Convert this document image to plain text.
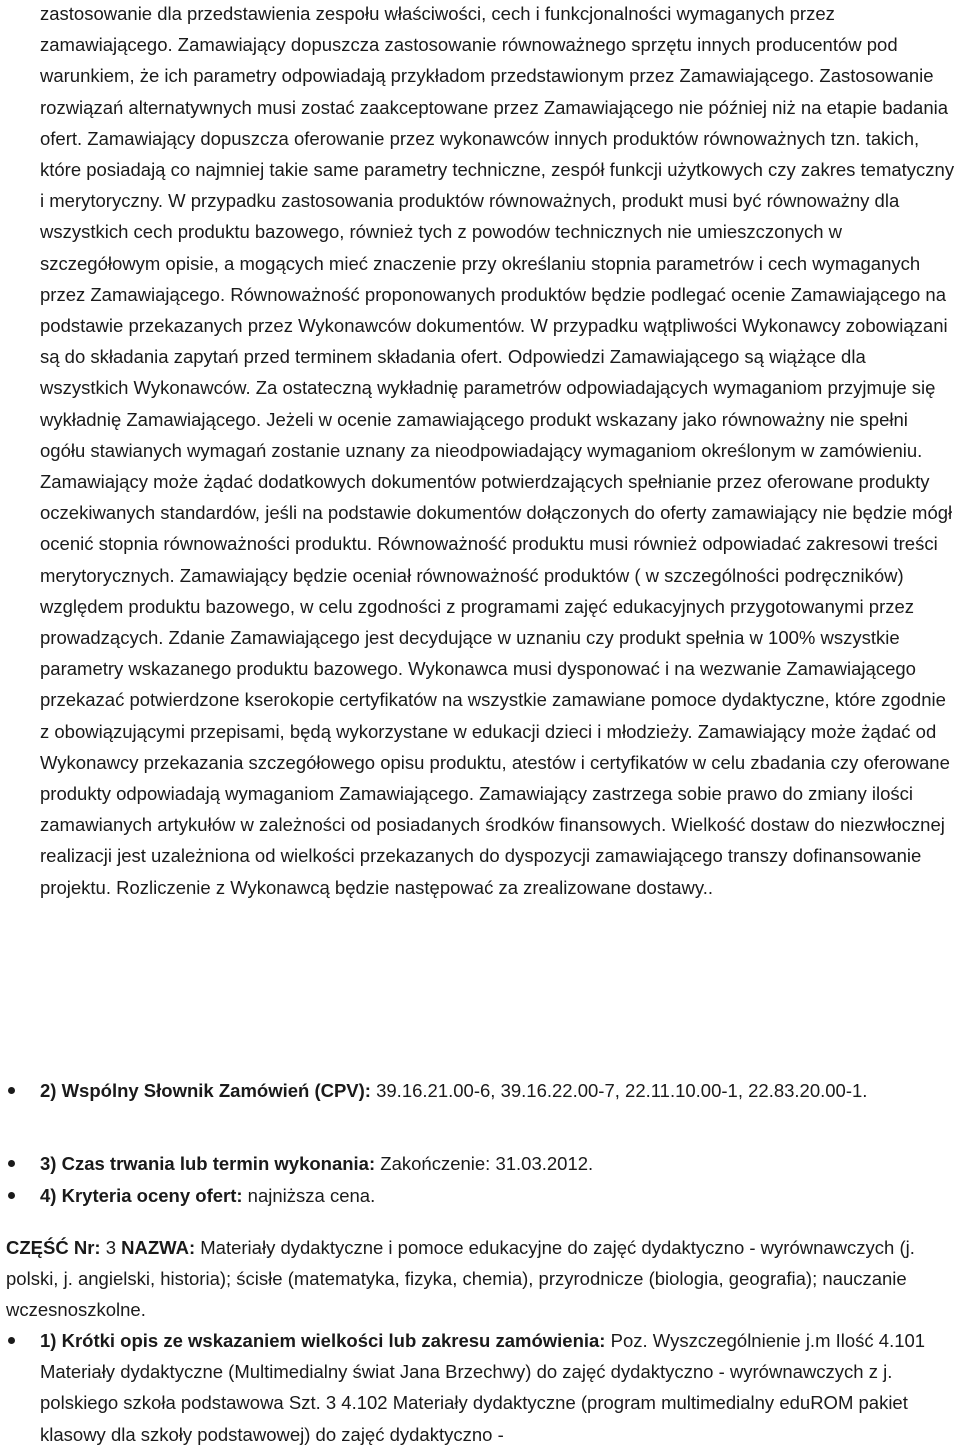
zastosowanie dla przedstawienia zespołu właściwości, cech i funkcjonalności wymaganych przez zamawiającego. Zamawiający dopuszcza zastosowanie równoważnego sprzętu innych producentów pod warunkiem, że ich parametry odpowiadają przykładom przedstawionym przez Zamawiającego. Zastosowanie rozwiązań alternatywnych musi zostać zaakceptowane przez Zamawiającego nie później niż na etapie badania ofert. Zamawiający dopuszcza oferowanie przez wykonawców innych produktów równoważnych tzn. takich, które posiadają co najmniej takie same parametry techniczne, zespół funkcji użytkowych czy zakres tematyczny i merytoryczny. W przypadku zastosowania produktów równoważnych, produkt musi być równoważny dla wszystkich cech produktu bazowego, również tych z powodów technicznych nie umieszczonych w szczegółowym opisie, a mogących mieć znaczenie przy określaniu stopnia parametrów i cech wymaganych przez Zamawiającego. Równoważność proponowanych produktów będzie podlegać ocenie Zamawiającego na podstawie przekazanych przez Wykonawców dokumentów. W przypadku wątpliwości Wykonawcy zobowiązani są do składania zapytań przed terminem składania ofert. Odpowiedzi Zamawiającego są wiążące dla wszystkich Wykonawców. Za ostateczną wykładnię parametrów odpowiadających wymaganiom przyjmuje się wykładnię Zamawiającego. Jeżeli w ocenie zamawiającego produkt wskazany jako równoważny nie spełni ogółu stawianych wymagań zostanie uznany za nieodpowiadający wymaganiom określonym w zamówieniu. Zamawiający może żądać dodatkowych dokumentów potwierdzających spełnianie przez oferowane produkty oczekiwanych standardów, jeśli na podstawie dokumentów dołączonych do oferty zamawiający nie będzie mógł ocenić stopnia równoważności produktu. Równoważność produktu musi również odpowiadać zakresowi treści merytorycznych. Zamawiający będzie oceniał równoważność produktów ( w szczególności podręczników) względem produktu bazowego, w celu zgodności z programami zajęć edukacyjnych przygotowanymi przez prowadzących. Zdanie Zamawiającego jest decydujące w uznaniu czy produkt spełnia w 100% wszystkie parametry wskazanego produktu bazowego. Wykonawca musi dysponować i na wezwanie Zamawiającego przekazać potwierdzone kserokopie certyfikatów na wszystkie zamawiane pomoce dydaktyczne, które zgodnie z obowiązującymi przepisami, będą wykorzystane w edukacji dzieci i młodzieży. Zamawiający może żądać od Wykonawcy przekazania szczegółowego opisu produktu, atestów i certyfikatów w celu zbadania czy oferowane produkty odpowiadają wymaganiom Zamawiającego. Zamawiający zastrzega sobie prawo do zmiany ilości zamawianych artykułów w zależności od posiadanych środków finansowych. Wielkość dostaw do niezwłocznej realizacji jest uzależniona od wielkości przekazanych do dyspozycji zamawiającego transzy dofinansowanie projektu. Rozliczenie z Wykonawcą będzie następować za zrealizowane dostawy..

2) Wspólny Słownik Zamówień (CPV): 39.16.21.00-6, 39.16.22.00-7, 22.11.10.00-1, 22.83.20.00-1.
3) Czas trwania lub termin wykonania: Zakończenie: 31.03.2012.
4) Kryteria oceny ofert: najniższa cena.

CZĘŚĆ Nr: 3 NAZWA: Materiały dydaktyczne i pomoce edukacyjne do zajęć dydaktyczno - wyrównawczych (j. polski, j. angielski, historia); ścisłe (matematyka, fizyka, chemia), przyrodnicze (biologia, geografia); nauczanie wczesnoszkolne.

1) Krótki opis ze wskazaniem wielkości lub zakresu zamówienia: Poz. Wyszczególnienie j.m Ilość 4.101 Materiały dydaktyczne (Multimedialny świat Jana Brzechwy) do zajęć dydaktyczno - wyrównawczych z j. polskiego szkoła podstawowa Szt. 3 4.102 Materiały dydaktyczne (program multimedialny eduROM pakiet klasowy dla szkoły podstawowej) do zajęć dydaktyczno -
